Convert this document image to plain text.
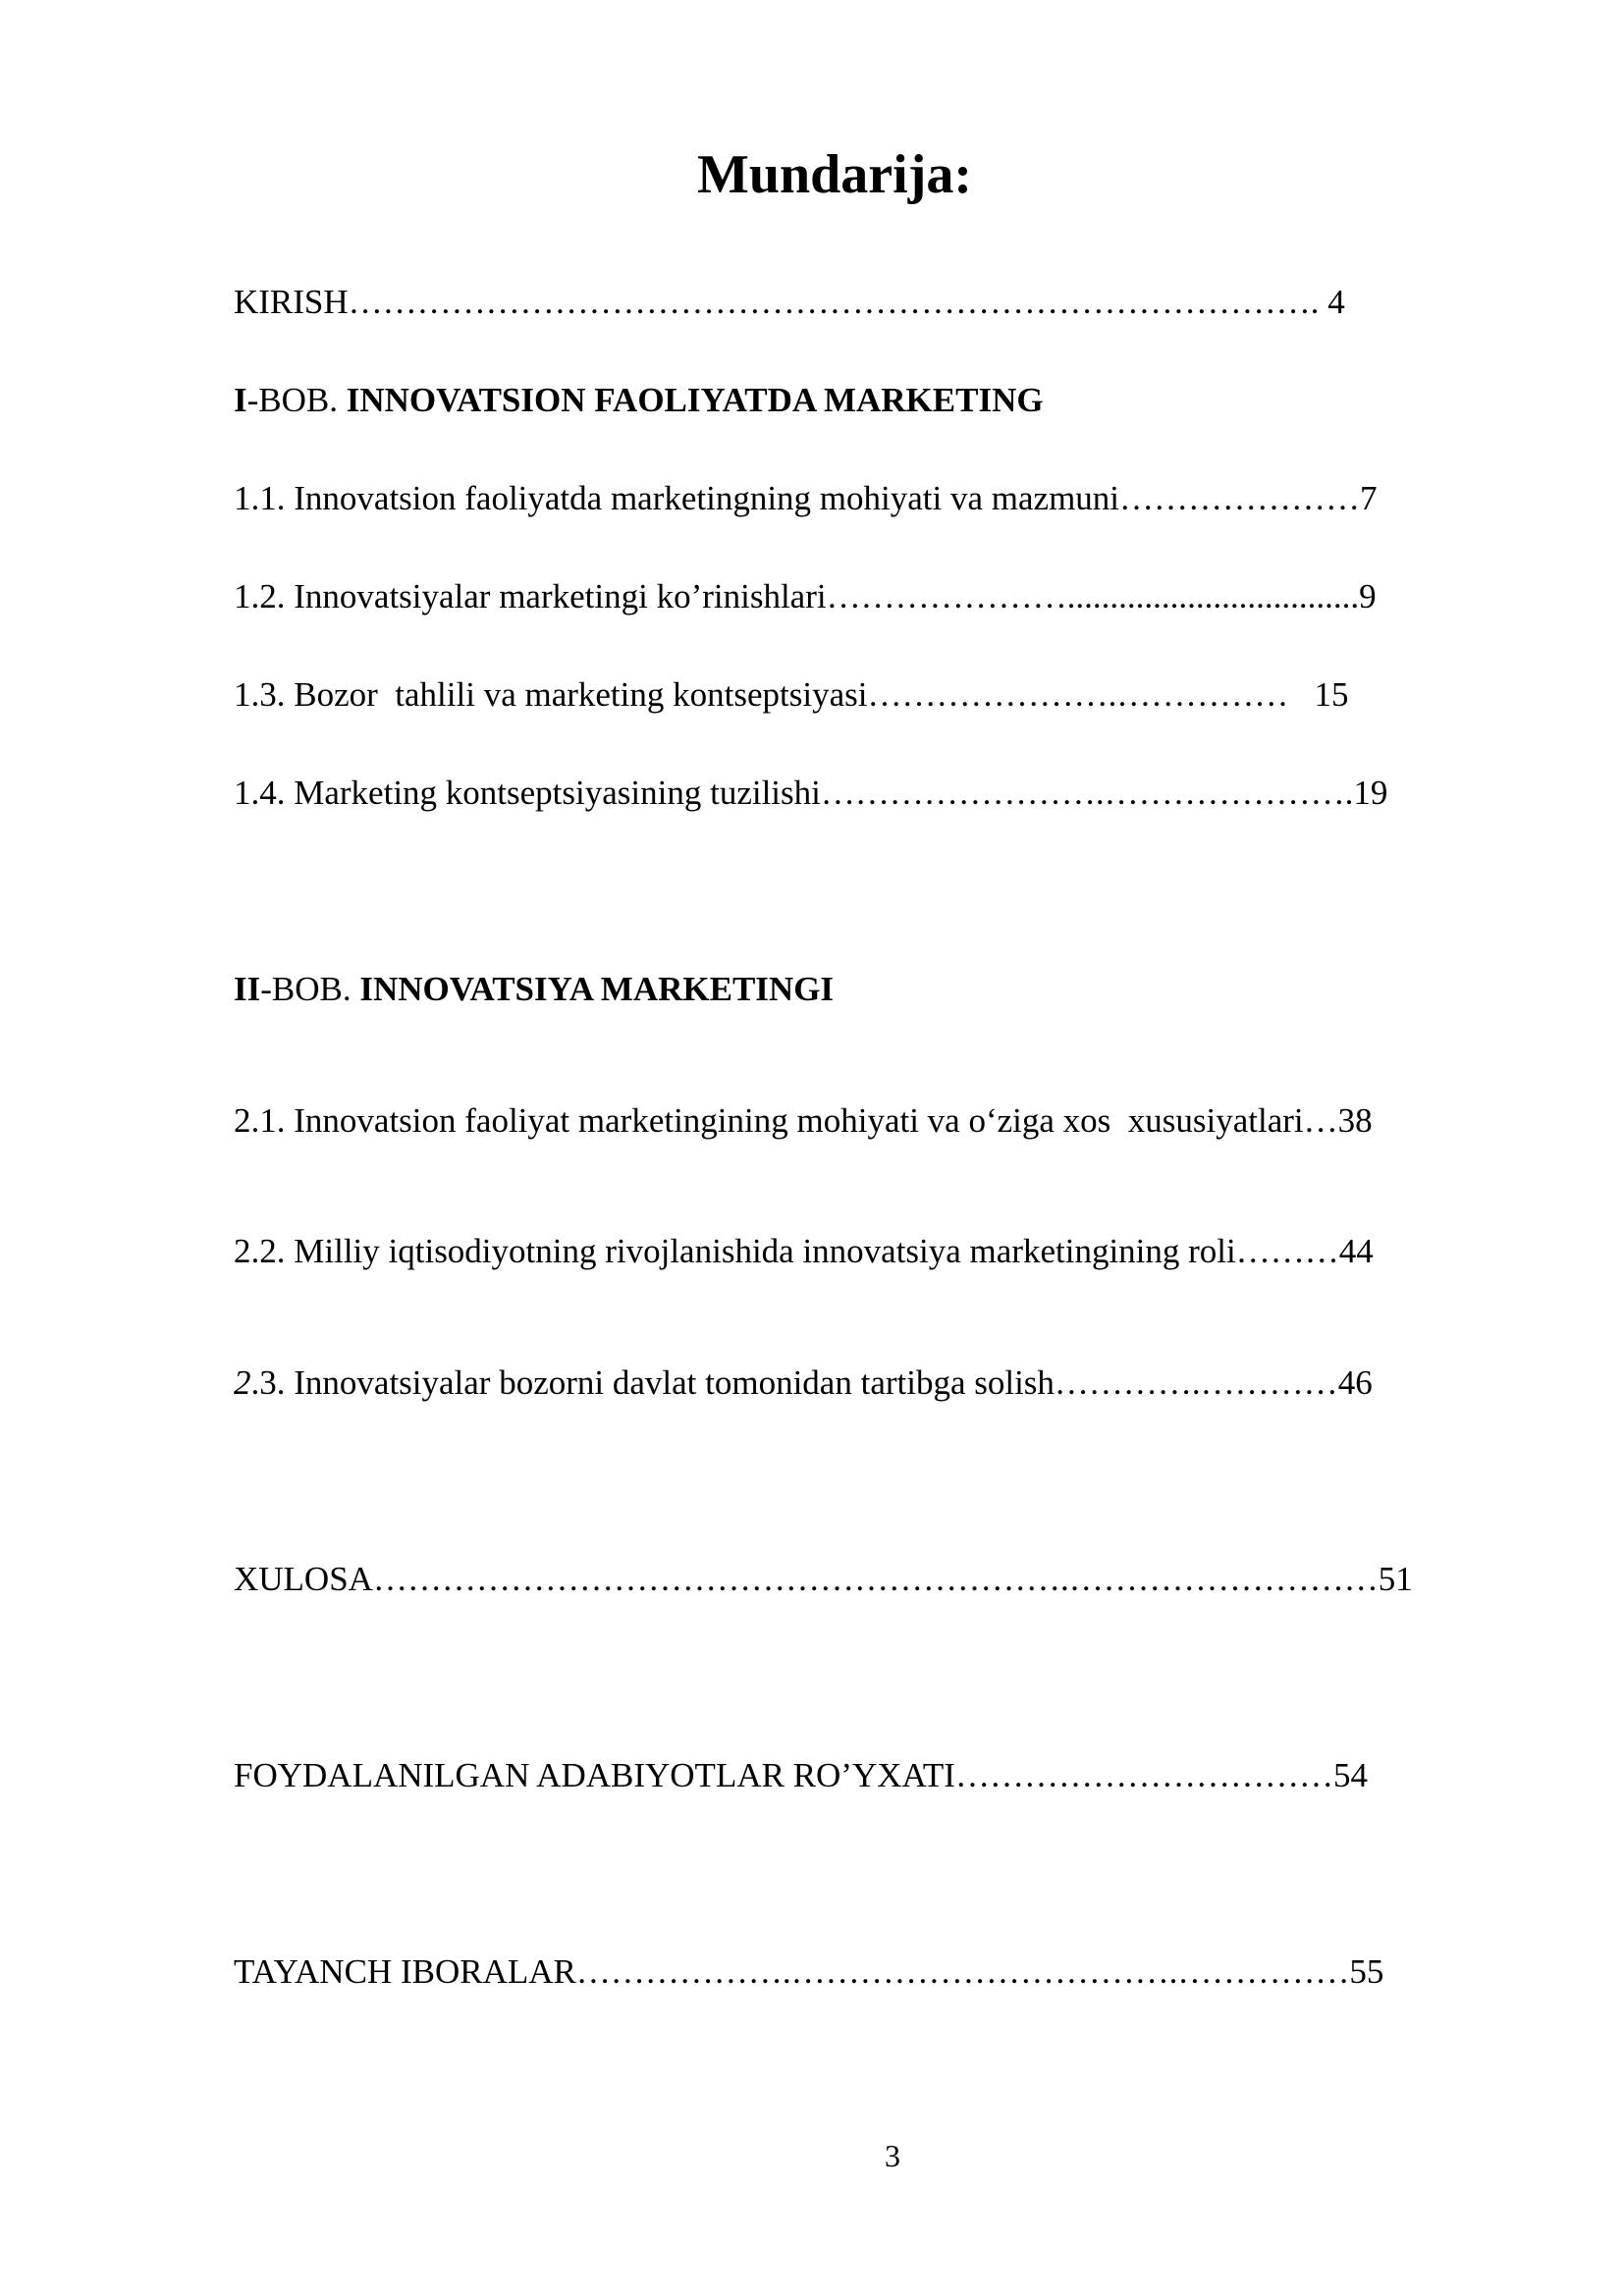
Mundarija:
KIRISH…………………………………………………………………………. 4
I-BOB. INNOVATSION FAOLIYATDA MARKETING
1.1. Innovatsion faoliyatda marketingning mohiyati va mazmuni…………………7
1.2. Innovatsiyalar marketingi ko’rinishlari…………………..................................9
1.3. Bozor  tahlili va marketing kontseptsiyasi………………….……………   15
1.4. Marketing kontseptsiyasining tuzilishi…………………….………………….19
II-BOB. INNOVATSIYA MARKETINGI
2.1. Innovatsion faoliyat marketingining mohiyati va o‘ziga xos  xususiyatlari…38
2.2. Milliy iqtisodiyotning rivojlanishida innovatsiya marketingining roli………44
2.3. Innovatsiyalar bozorni davlat tomonidan tartibga solish………….…………46
XULOSA…………………………………………………….………………………51
FOYDALANILGAN ADABIYOTLAR RO’YXATI……………………………54
TAYANCH IBORALAR……………….…………………………….……………55
3
